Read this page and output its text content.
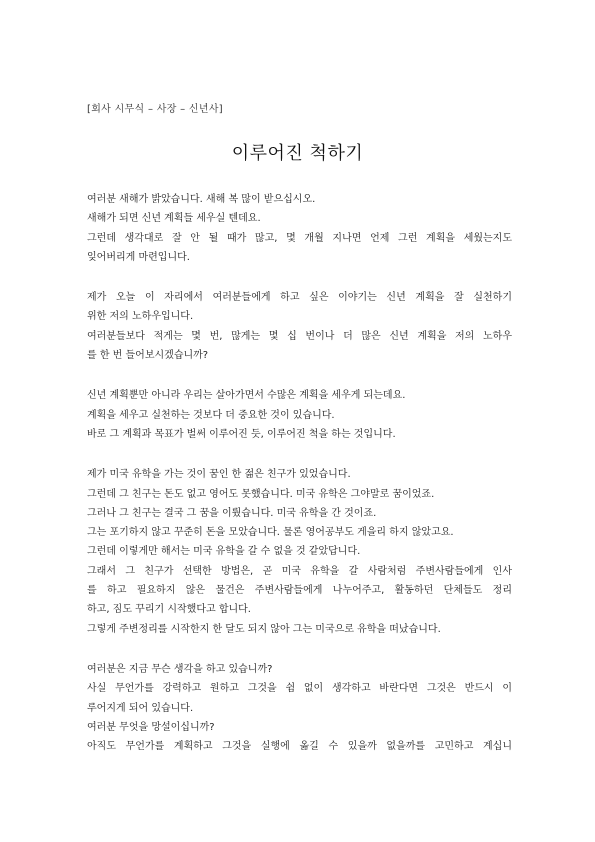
[회사 시무식 – 사장 – 신년사]
이루어진 척하기
여러분 새해가 밝았습니다. 새해 복 많이 받으십시오.
새해가 되면 신년 계획들 세우실 텐데요.
그런데 생각대로 잘 안 될 때가 많고, 몇 개월 지나면 언제 그런 계획을 세웠는지도
잊어버리게 마련입니다.
제가 오늘 이 자리에서 여러분들에게 하고 싶은 이야기는 신년 계획을 잘 실천하기
위한 저의 노하우입니다.
여러분들보다 적게는 몇 번, 많게는 몇 십 번이나 더 많은 신년 계획을 저의 노하우
를 한 번 들어보시겠습니까?
신년 계획뿐만 아니라 우리는 살아가면서 수많은 계획을 세우게 되는데요.
계획을 세우고 실천하는 것보다 더 중요한 것이 있습니다.
바로 그 계획과 목표가 벌써 이루어진 듯, 이루어진 척을 하는 것입니다.
제가 미국 유학을 가는 것이 꿈인 한 젊은 친구가 있었습니다.
그런데 그 친구는 돈도 없고 영어도 못했습니다. 미국 유학은 그야말로 꿈이었죠.
그러나 그 친구는 결국 그 꿈을 이뤘습니다. 미국 유학을 간 것이죠.
그는 포기하지 않고 꾸준히 돈을 모았습니다. 물론 영어공부도 게을리 하지 않았고요.
그런데 이렇게만 해서는 미국 유학을 갈 수 없을 것 같았답니다.
그래서 그 친구가 선택한 방법은, 곧 미국 유학을 갈 사람처럼 주변사람들에게 인사
를 하고 필요하지 않은 물건은 주변사람들에게 나누어주고, 활동하던 단체들도 정리
하고, 짐도 꾸리기 시작했다고 합니다.
그렇게 주변정리를 시작한지 한 달도 되지 않아 그는 미국으로 유학을 떠났습니다.
여러분은 지금 무슨 생각을 하고 있습니까?
사실 무언가를 강력하고 원하고 그것을 쉼 없이 생각하고 바란다면 그것은 반드시 이
루어지게 되어 있습니다.
여러분 무엇을 망설이십니까?
아직도 무언가를 계획하고 그것을 실행에 옮길 수 있을까 없을까를 고민하고 계십니
